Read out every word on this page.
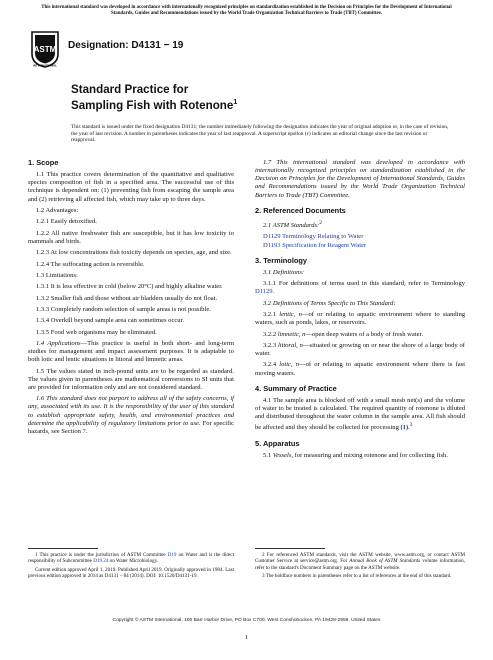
This international standard was developed in accordance with internationally recognized principles on standardization established in the Decision on Principles for the Development of International Standards, Guides and Recommendations issued by the World Trade Organization Technical Barriers to Trade (TBT) Committee.
ASTM
INTERNATIONAL
Designation: D4131 − 19
Standard Practice for
Sampling Fish with Rotenone$^1$
This standard is issued under the fixed designation D4131; the number immediately following the designation indicates the year of original adoption or, in the case of revision, the year of last revision. A number in parentheses indicates the year of last reapproval. A superscript epsilon (ε) indicates an editorial change since the last revision or reapproval.
1. Scope

1.1 This practice covers determination of the quantitative and qualitative species composition of fish in a specified area. The successful use of this technique is dependent on: (1) preventing fish from escaping the sample area and (2) retrieving all affected fish, which may take up to three days.

1.2 Advantages:

1.2.1 Easily detoxified.

1.2.2 All native freshwater fish are susceptible, but it has low toxicity to mammals and birds.

1.2.3 At low concentrations fish toxicity depends on species, age, and size.

1.2.4 The suffocating action is reversible.

1.3 Limitations:

1.3.1 It is less effective in cold (below 20°C) and highly alkaline water.

1.3.2 Smaller fish and those without air bladders usually do not float.

1.3.3 Completely random selection of sample areas is not possible.

1.3.4 Overkill beyond sample area can sometimes occur.

1.3.5 Food web organisms may be eliminated.

1.4 Applications—This practice is useful in both short- and long-term studies for management and impact assessment purposes. It is adaptable to both lotic and lentic situations in littoral and limnetic areas.

1.5 The values stated in inch-pound units are to be regarded as standard. The values given in parentheses are mathematical conversions to SI units that are provided for information only and are not considered standard.

1.6 This standard does not purport to address all of the safety concerns, if any, associated with its use. It is the responsibility of the user of this standard to establish appropriate safety, health, and environmental practices and determine the applicability of regulatory limitations prior to use. For specific hazards, see Section 7.

1.7 This international standard was developed in accordance with internationally recognized principles on standardization established in the Decision on Principles for the Development of International Standards, Guides and Recommendations issued by the World Trade Organization Technical Barriers to Trade (TBT) Committee.

2. Referenced Documents

2.1 ASTM Standards:$^2$

D1129 Terminology Relating to Water

D1193 Specification for Reagent Water

3. Terminology

3.1 Definitions:

3.1.1 For definitions of terms used in this standard, refer to Terminology D1129.

3.2 Definitions of Terms Specific to This Standard:

3.2.1 lentic, n—of or relating to aquatic environment where to standing waters, such as ponds, lakes, or reservoirs.

3.2.2 limnetic, n—open deep waters of a body of fresh water.

3.2.3 littoral, n—situated or growing on or near the shore of a large body of water.

3.2.4 lotic, n—of or relating to aquatic environment where there is fast moving waters.

4. Summary of Practice

4.1 The sample area is blocked off with a small mesh net(s) and the volume of water to be treated is calculated. The required quantity of rotenone is diluted and distributed throughout the water column in the sample area. All fish should be affected and they should be collected for processing (1).$^3$

5. Apparatus

5.1 Vessels, for measuring and mixing rotenone and for collecting fish.

1 This practice is under the jurisdiction of ASTM Committee D19 on Water and is the direct responsibility of Subcommittee D19.24 on Water Microbiology.

Current edition approved April 1, 2019. Published April 2019. Originally approved in 1984. Last previous edition approved in 2014 as D4131 – 84 (2014). DOI: 10.1520/D4131-19.

2 For referenced ASTM standards, visit the ASTM website, www.astm.org, or contact ASTM Customer Service at service@astm.org. For Annual Book of ASTM Standards volume information, refer to the standard's Document Summary page on the ASTM website.

3 The boldface numbers in parentheses refer to a list of references at the end of this standard.

Copyright © ASTM International, 100 Barr Harbor Drive, PO Box C700, West Conshohocken, PA 19428-2959. United States
1
